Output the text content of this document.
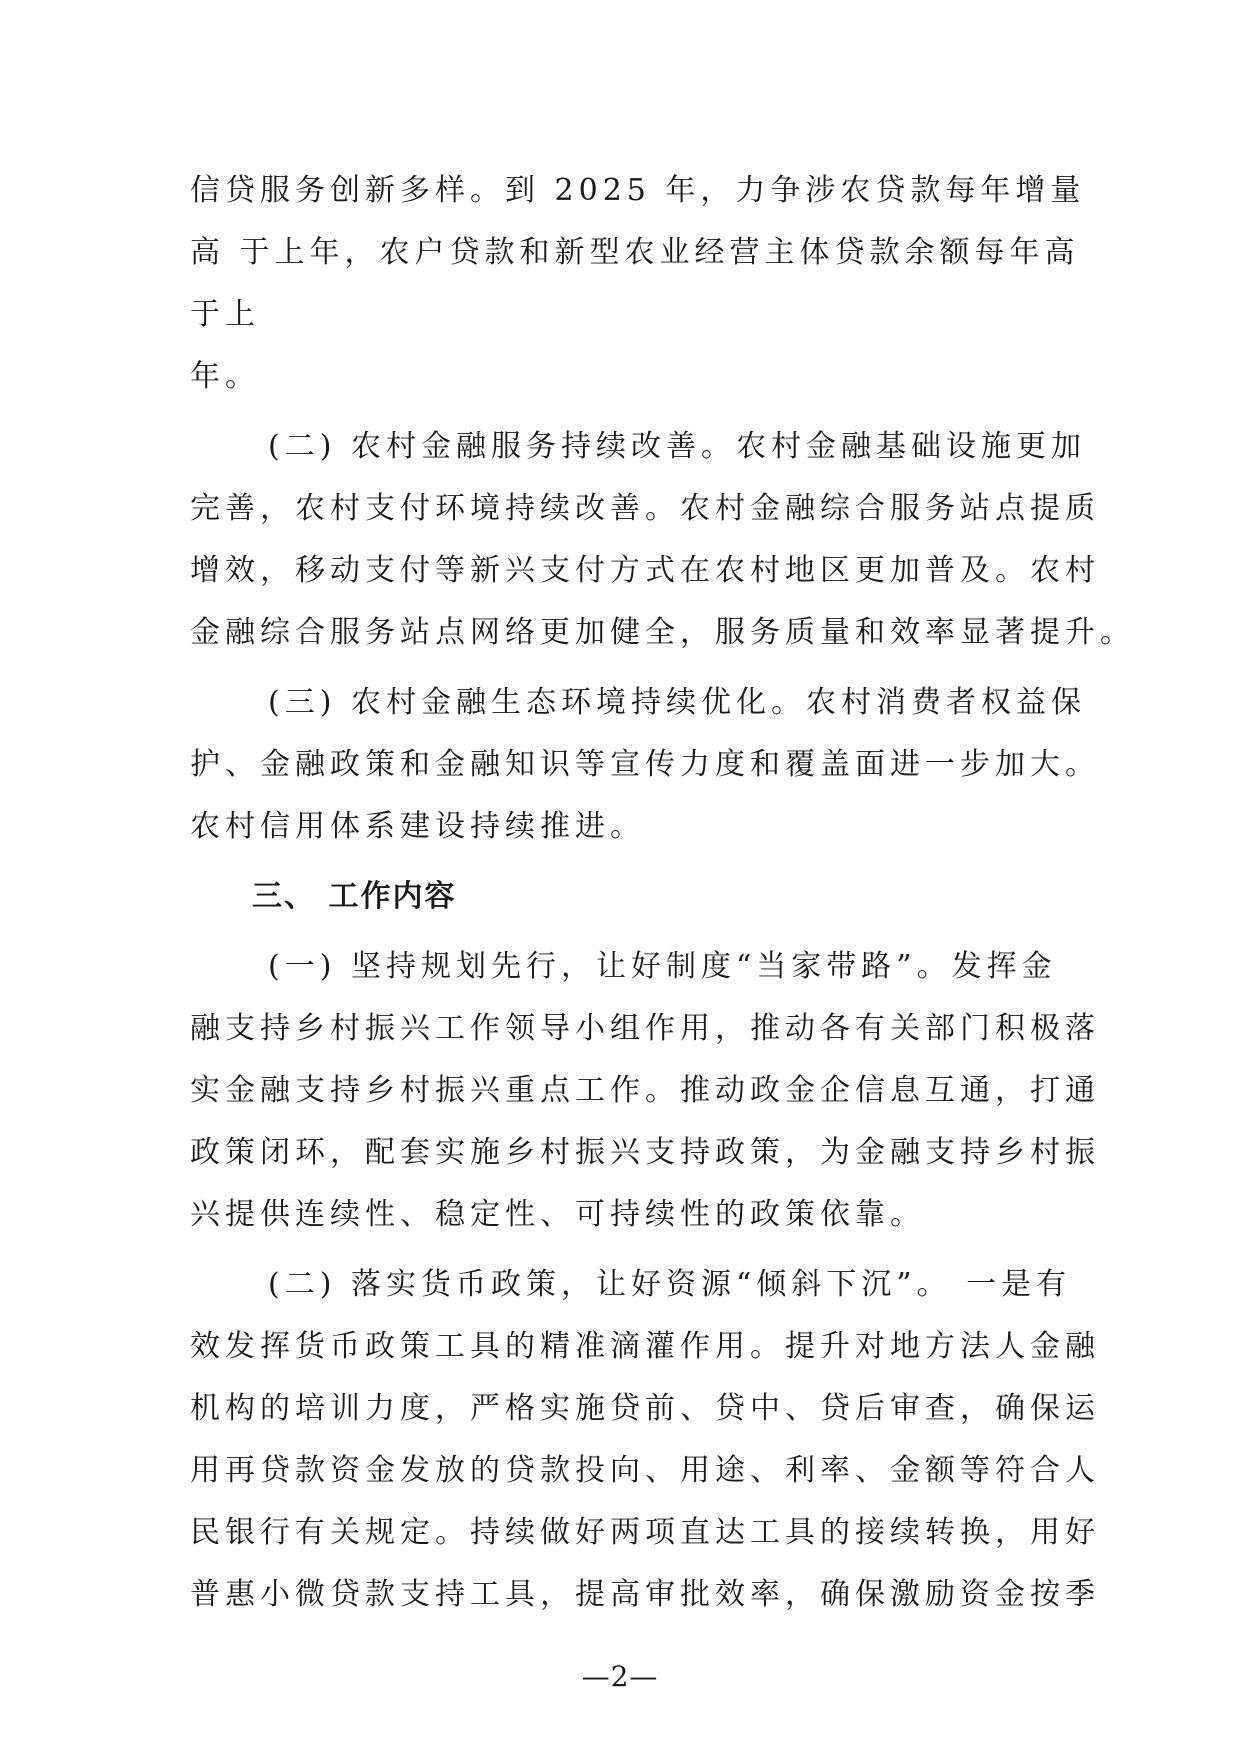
信贷服务创新多样。到 2025 年，力争涉农贷款每年增量
高 于上年，农户贷款和新型农业经营主体贷款余额每年高
于上
年。
(二) 农村金融服务持续改善。农村金融基础设施更加
完善，农村支付环境持续改善。农村金融综合服务站点提质
增效，移动支付等新兴支付方式在农村地区更加普及。农村
金融综合服务站点网络更加健全，服务质量和效率显著提升。
(三) 农村金融生态环境持续优化。农村消费者权益保
护、金融政策和金融知识等宣传力度和覆盖面进一步加大。
农村信用体系建设持续推进。
三、 工作内容
(一) 坚持规划先行，让好制度“当家带路”。发挥金
融支持乡村振兴工作领导小组作用，推动各有关部门积极落
实金融支持乡村振兴重点工作。推动政金企信息互通，打通
政策闭环，配套实施乡村振兴支持政策，为金融支持乡村振
兴提供连续性、稳定性、可持续性的政策依靠。
(二) 落实货币政策，让好资源“倾斜下沉”。 一是有
效发挥货币政策工具的精准滴灌作用。提升对地方法人金融
机构的培训力度，严格实施贷前、贷中、贷后审查，确保运
用再贷款资金发放的贷款投向、用途、利率、金额等符合人
民银行有关规定。持续做好两项直达工具的接续转换，用好
普惠小微贷款支持工具，提高审批效率，确保激励资金按季
—2—
